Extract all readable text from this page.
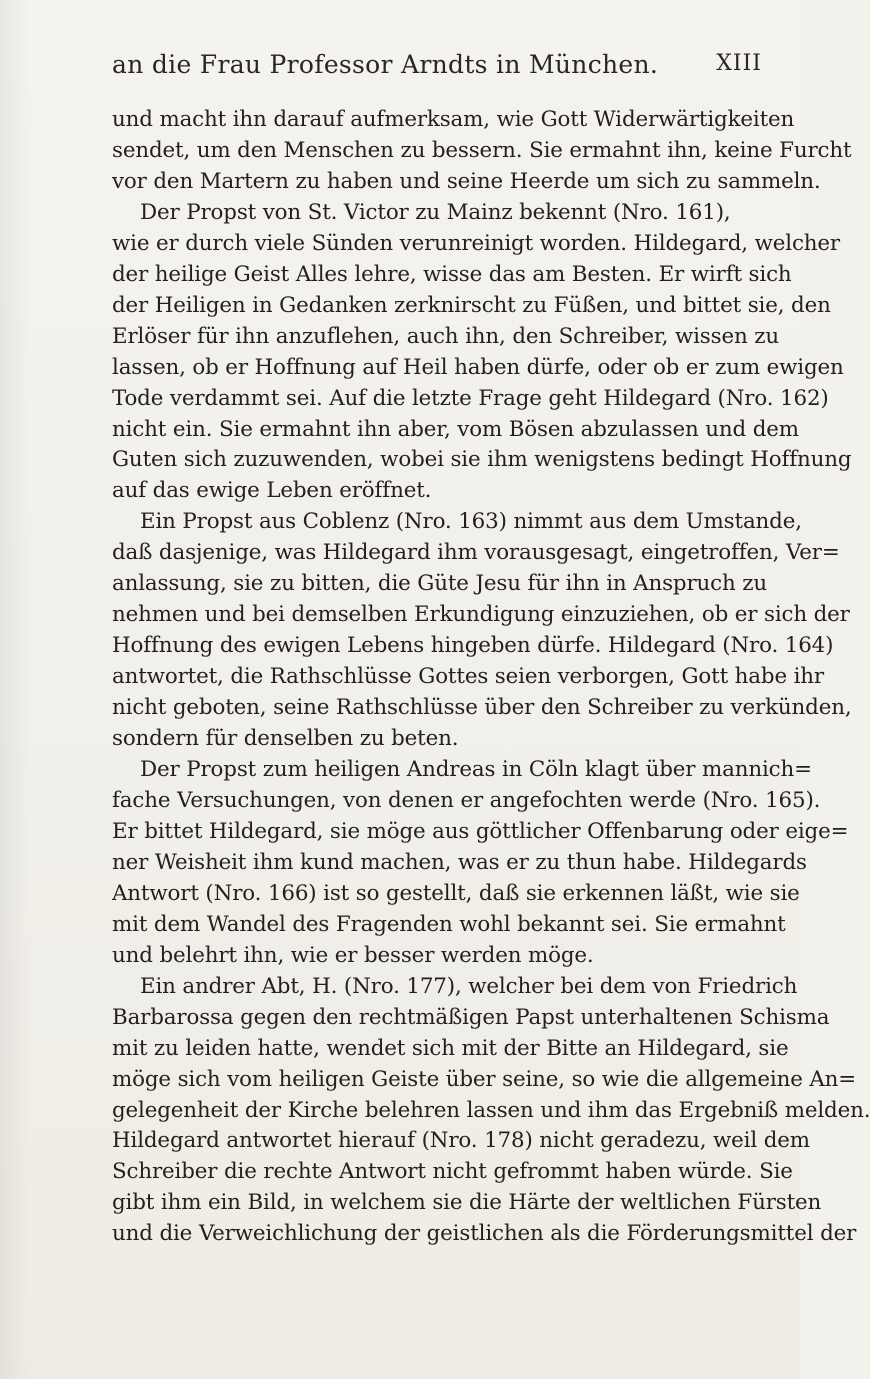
an die Frau Professor Arndts in München.	XIII

und macht ihn darauf aufmerksam, wie Gott Widerwärtigkeiten
sendet, um den Menschen zu bessern. Sie ermahnt ihn, keine Furcht
vor den Martern zu haben und seine Heerde um sich zu sammeln.

Der Propst von St. Victor zu Mainz bekennt (Nro. 161),
wie er durch viele Sünden verunreinigt worden. Hildegard, welcher
der heilige Geist Alles lehre, wisse das am Besten. Er wirft sich
der Heiligen in Gedanken zerknirscht zu Füßen, und bittet sie, den
Erlöser für ihn anzuflehen, auch ihn, den Schreiber, wissen zu
lassen, ob er Hoffnung auf Heil haben dürfe, oder ob er zum ewigen
Tode verdammt sei. Auf die letzte Frage geht Hildegard (Nro. 162)
nicht ein. Sie ermahnt ihn aber, vom Bösen abzulassen und dem
Guten sich zuzuwenden, wobei sie ihm wenigstens bedingt Hoffnung
auf das ewige Leben eröffnet.

Ein Propst aus Coblenz (Nro. 163) nimmt aus dem Umstande,
daß dasjenige, was Hildegard ihm vorausgesagt, eingetroffen, Ver=
anlassung, sie zu bitten, die Güte Jesu für ihn in Anspruch zu
nehmen und bei demselben Erkundigung einzuziehen, ob er sich der
Hoffnung des ewigen Lebens hingeben dürfe. Hildegard (Nro. 164)
antwortet, die Rathschlüsse Gottes seien verborgen, Gott habe ihr
nicht geboten, seine Rathschlüsse über den Schreiber zu verkünden,
sondern für denselben zu beten.

Der Propst zum heiligen Andreas in Cöln klagt über mannich=
fache Versuchungen, von denen er angefochten werde (Nro. 165).
Er bittet Hildegard, sie möge aus göttlicher Offenbarung oder eige=
ner Weisheit ihm kund machen, was er zu thun habe. Hildegards
Antwort (Nro. 166) ist so gestellt, daß sie erkennen läßt, wie sie
mit dem Wandel des Fragenden wohl bekannt sei. Sie ermahnt
und belehrt ihn, wie er besser werden möge.

Ein andrer Abt, H. (Nro. 177), welcher bei dem von Friedrich
Barbarossa gegen den rechtmäßigen Papst unterhaltenen Schisma
mit zu leiden hatte, wendet sich mit der Bitte an Hildegard, sie
möge sich vom heiligen Geiste über seine, so wie die allgemeine An=
gelegenheit der Kirche belehren lassen und ihm das Ergebniß melden.
Hildegard antwortet hierauf (Nro. 178) nicht geradezu, weil dem
Schreiber die rechte Antwort nicht gefrommt haben würde. Sie
gibt ihm ein Bild, in welchem sie die Härte der weltlichen Fürsten
und die Verweichlichung der geistlichen als die Förderungsmittel der
